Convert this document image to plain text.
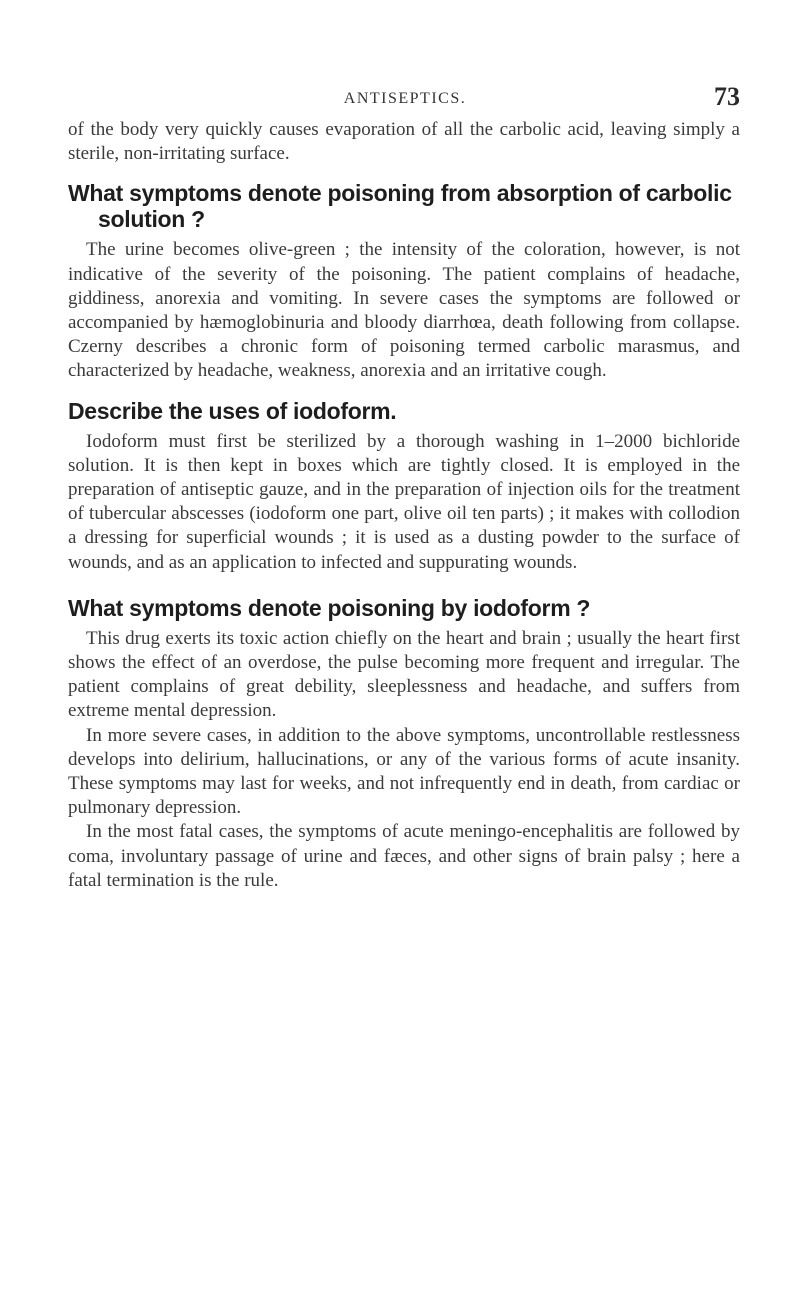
ANTISEPTICS.	73

of the body very quickly causes evaporation of all the carbolic acid, leaving simply a sterile, non-irritating surface.

What symptoms denote poisoning from absorption of carbolic
solution ?

The urine becomes olive-green ; the intensity of the coloration, however, is not indicative of the severity of the poisoning. The patient complains of headache, giddiness, anorexia and vomiting. In severe cases the symptoms are followed or accompanied by hæmoglobinuria and bloody diarrhœa, death following from collapse. Czerny describes a chronic form of poisoning termed carbolic marasmus, and characterized by headache, weakness, anorexia and an irritative cough.

Describe the uses of iodoform.

Iodoform must first be sterilized by a thorough washing in 1–2000 bichloride solution. It is then kept in boxes which are tightly closed. It is employed in the preparation of antiseptic gauze, and in the preparation of injection oils for the treatment of tubercular abscesses (iodoform one part, olive oil ten parts) ; it makes with collodion a dressing for superficial wounds ; it is used as a dusting powder to the surface of wounds, and as an application to infected and suppurating wounds.

What symptoms denote poisoning by iodoform ?

This drug exerts its toxic action chiefly on the heart and brain ; usually the heart first shows the effect of an overdose, the pulse becoming more frequent and irregular. The patient complains of great debility, sleeplessness and headache, and suffers from extreme mental depression.

In more severe cases, in addition to the above symptoms, uncontrollable restlessness develops into delirium, hallucinations, or any of the various forms of acute insanity. These symptoms may last for weeks, and not infrequently end in death, from cardiac or pulmonary depression.

In the most fatal cases, the symptoms of acute meningo-encephalitis are followed by coma, involuntary passage of urine and fæces, and other signs of brain palsy ; here a fatal termination is the rule.
